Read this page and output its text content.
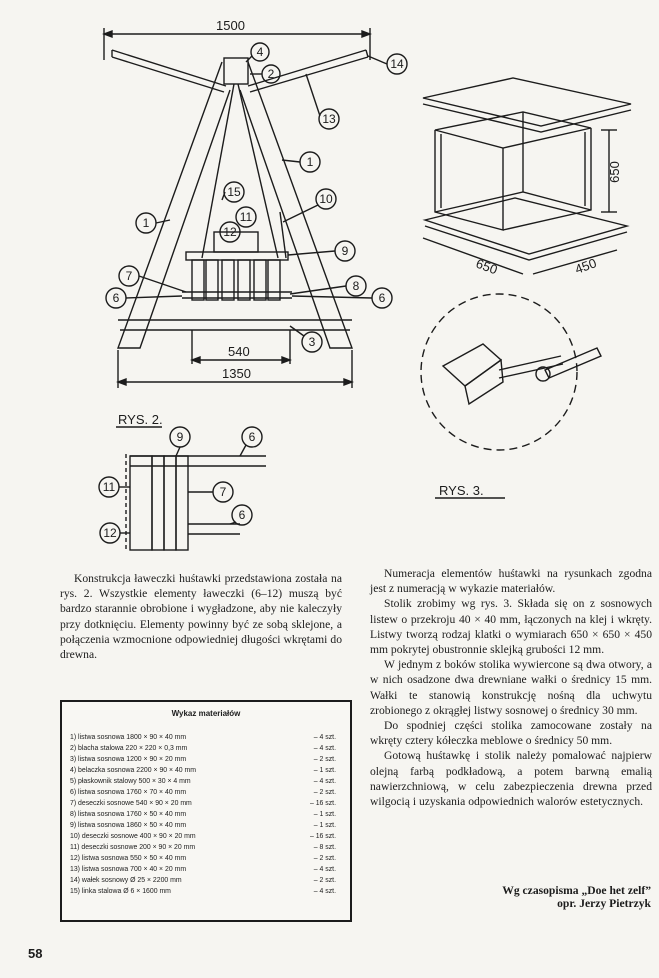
1500
540
1350
RYS. 2.
4
2
14
13
1
15	10
11
12
9
1
7
8
6	6
3
650
650	450
RYS. 3.
9	6
11	7
6
12

Konstrukcja ławeczki huśtawki przedstawiona została na rys. 2. Wszystkie elementy ławeczki (6–12) muszą być bardzo starannie obrobione i wygładzone, aby nie kaleczyły przy dotknięciu. Elementy powinny być ze sobą sklejone, a połączenia wzmocnione odpowiedniej długości wkrętami do drewna.

Wykaz materiałów
1) listwa sosnowa 1800 × 90 × 40 mm	– 4 szt.
2) blacha stalowa 220 × 220 × 0,3 mm	– 4 szt.
3) listwa sosnowa 1200 × 90 × 20 mm	– 2 szt.
4) belaczka sosnowa 2200 × 90 × 40 mm	– 1 szt.
5) płaskownik stalowy 500 × 30 × 4 mm	– 4 szt.
6) listwa sosnowa 1760 × 70 × 40 mm	– 2 szt.
7) deseczki sosnowe 540 × 90 × 20 mm	– 16 szt.
8) listwa sosnowa 1760 × 50 × 40 mm	– 1 szt.
9) listwa sosnowa 1860 × 50 × 40 mm	– 1 szt.
10) deseczki sosnowe 400 × 90 × 20 mm	– 16 szt.
11) deseczki sosnowe 200 × 90 × 20 mm	– 8 szt.
12) listwa sosnowa 550 × 50 × 40 mm	– 2 szt.
13) listwa sosnowa 700 × 40 × 20 mm	– 4 szt.
14) wałek sosnowy Ø 25 × 2200 mm	– 2 szt.
15) linka stalowa Ø 6 × 1600 mm	– 4 szt.

Numeracja elementów huśtawki na rysunkach zgodna jest z numeracją w wykazie materiałów.

Stolik zrobimy wg rys. 3. Składa się on z sosnowych listew o przekroju 40 × 40 mm, łączonych na klej i wkręty. Listwy tworzą rodzaj klatki o wymiarach 650 × 650 × 450 mm pokrytej obustronnie sklejką grubości 12 mm.

W jednym z boków stolika wywiercone są dwa otwory, a w nich osadzone dwa drewniane wałki o średnicy 15 mm. Wałki te stanowią konstrukcję nośną dla uchwytu zrobionego z okrągłej listwy sosnowej o średnicy 30 mm.

Do spodniej części stolika zamocowane zostały na wkręty cztery kółeczka meblowe o średnicy 50 mm.

Gotową huśtawkę i stolik należy pomalować najpierw olejną farbą podkładową, a potem barwną emalią nawierzchniową, w celu zabezpieczenia drewna przed wilgocią i uzyskania odpowiednich walorów estetycznych.

Wg czasopisma „Doe het zelf”
opr. Jerzy Pietrzyk
58
